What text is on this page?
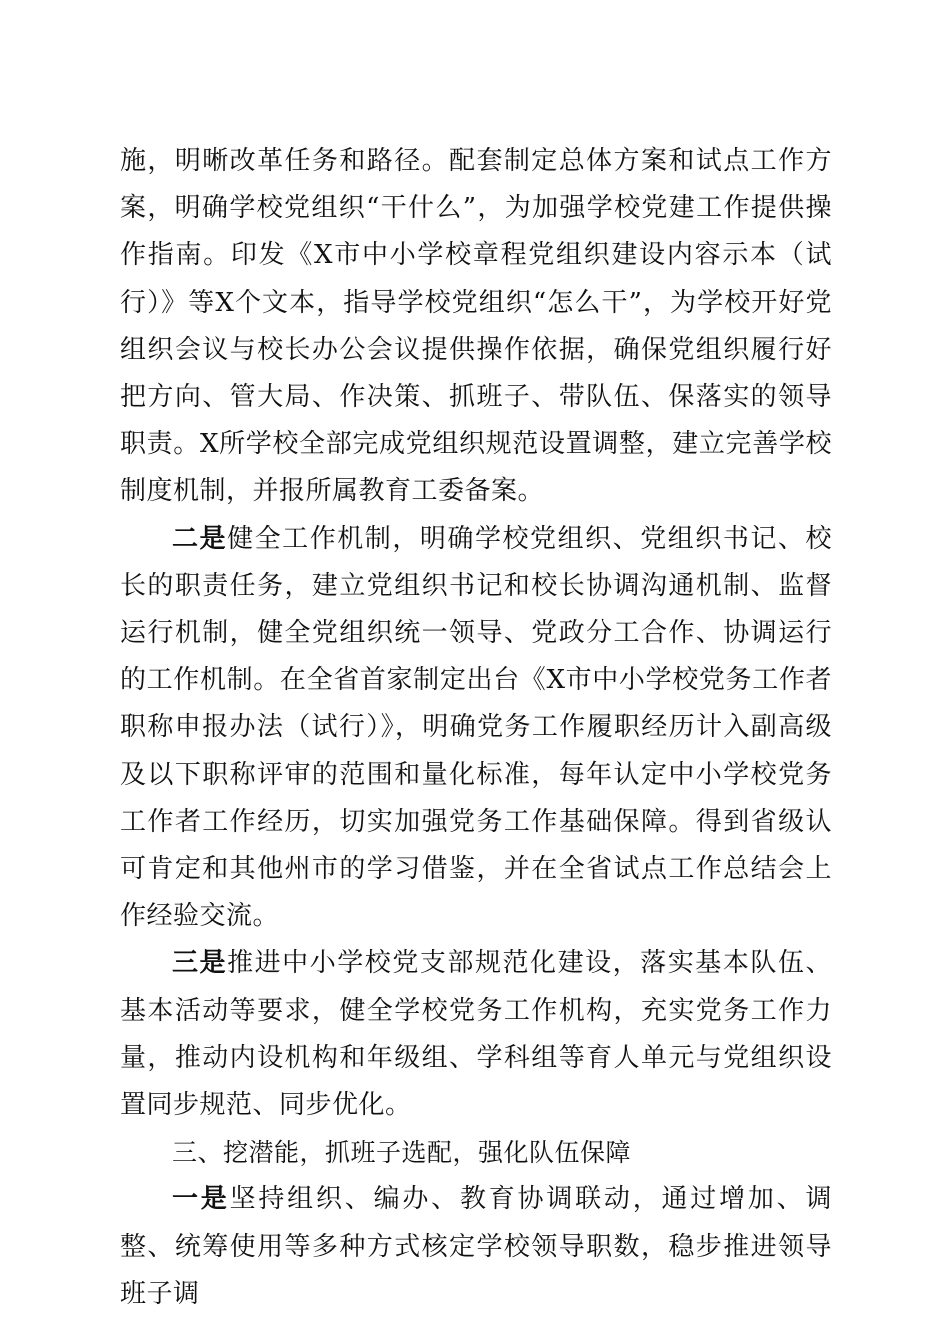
施，明晰改革任务和路径。配套制定总体方案和试点工作方案，明确学校党组织“干什么”，为加强学校党建工作提供操作指南。印发《X市中小学校章程党组织建设内容示本（试行）》等X个文本，指导学校党组织“怎么干”，为学校开好党组织会议与校长办公会议提供操作依据，确保党组织履行好把方向、管大局、作决策、抓班子、带队伍、保落实的领导职责。X所学校全部完成党组织规范设置调整，建立完善学校制度机制，并报所属教育工委备案。

二是健全工作机制，明确学校党组织、党组织书记、校长的职责任务，建立党组织书记和校长协调沟通机制、监督运行机制，健全党组织统一领导、党政分工合作、协调运行的工作机制。在全省首家制定出台《X市中小学校党务工作者职称申报办法（试行）》，明确党务工作履职经历计入副高级及以下职称评审的范围和量化标准，每年认定中小学校党务工作者工作经历，切实加强党务工作基础保障。得到省级认可肯定和其他州市的学习借鉴，并在全省试点工作总结会上作经验交流。

三是推进中小学校党支部规范化建设，落实基本队伍、基本活动等要求，健全学校党务工作机构，充实党务工作力量，推动内设机构和年级组、学科组等育人单元与党组织设置同步规范、同步优化。

三、挖潜能，抓班子选配，强化队伍保障

一是坚持组织、编办、教育协调联动，通过增加、调整、统筹使用等多种方式核定学校领导职数，稳步推进领导班子调
